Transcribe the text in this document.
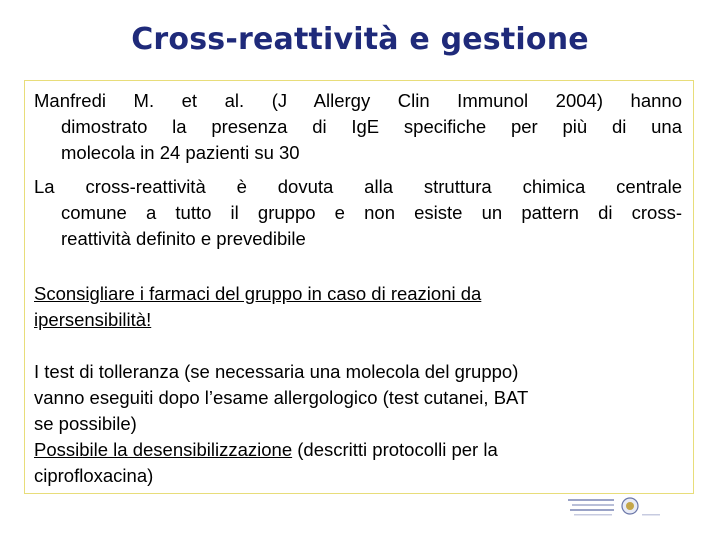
Cross-reattività e gestione
Manfredi M. et al. (J Allergy Clin Immunol 2004) hanno
dimostrato la presenza di IgE specifiche per più di una
molecola in 24 pazienti su 30
La cross-reattività è dovuta alla struttura chimica centrale
comune a tutto il gruppo e non esiste un pattern di cross-
reattività definito e prevedibile
Sconsigliare i farmaci del gruppo in caso di reazioni da
ipersensibilità!
I test di tolleranza (se necessaria una molecola del gruppo)
vanno eseguiti dopo l’esame allergologico (test cutanei, BAT
se possibile)
Possibile la desensibilizzazione (descritti protocolli per la
ciprofloxacina)
